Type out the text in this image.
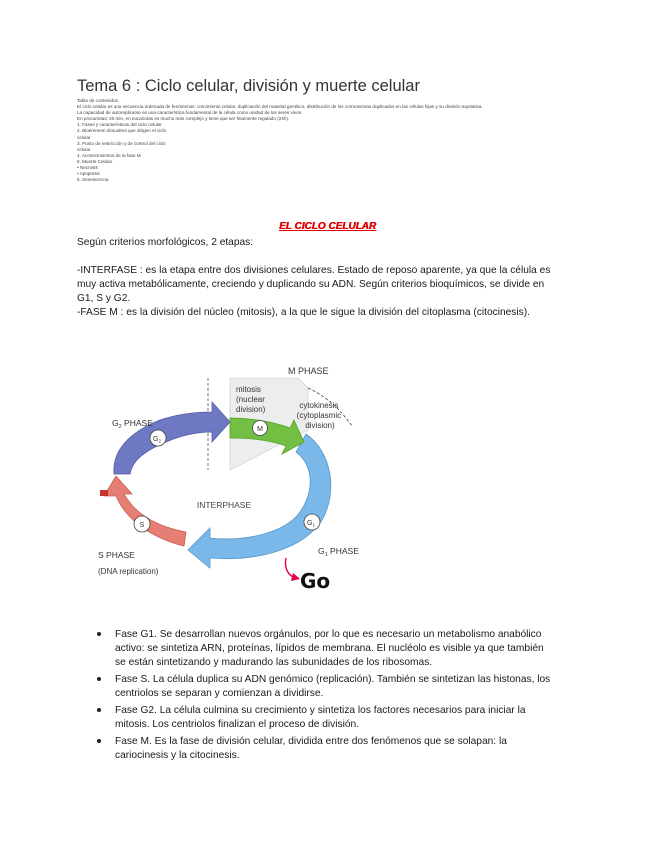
Tema 6 : Ciclo celular, división y muerte celular
Tabla de contenidos
El ciclo celular es una secuencia ordenada de fenómenos: crecimiento celular, duplicación del material genético, distribución de los cormosomas duplicados en las células hijas y su división equitativa.
La capacidad de autoreplicarse es una característica fundamental de la célula como unidad de los seres vivos.
En procariotas: 20 min, en eucariotas es mucho más complejo y tiene que ser finamente regulado (24h).
1. Fases y características del ciclo celular
2. Bioeremem dirsualres que dirigen el ciclo
celular
3. Punto de restricción y de control del ciclo
celular
4. Aconecimientos de la fase M
5. Muerte Celular
• Necrosis
• Apoptosis
6. Senescencia
EL CICLO CELULAR
Según criterios morfológicos, 2 etapas:
-INTERFASE : es la etapa entre dos divisiones celulares. Estado de reposo aparente, ya que la célula es
muy activa metabólicamente, creciendo y duplicando su ADN. Según criterios bioquímicos, se divide en
G1, S y G2.
-FASE M : es la división del núcleo (mitosis), a la que le sigue la división del citoplasma (citocinesis).
M PHASE
mitosis (nuclear division)	cytokinesis (cytoplasmic division)
$G_2$ PHASE
$G_2$
M
S	$G_1$
INTERPHASE
$G_1$ PHASE
S PHASE
(DNA replication)	Go
Fase G1. Se desarrollan nuevos orgánulos, por lo que es necesario un metabolismo anabólico
activo: se sintetiza ARN, proteínas, lípidos de membrana. El nucléolo es visible ya que también
se están sintetizando y madurando las subunidades de los ribosomas.
Fase S. La célula duplica su ADN genómico (replicación). También se sintetizan las histonas, los
centriolos se separan y comienzan a dividirse.
Fase G2. La célula culmina su crecimiento y sintetiza los factores necesarios para iniciar la
mitosis. Los centriolos finalizan el proceso de división.
Fase M. Es la fase de división celular, dividida entre dos fenómenos que se solapan: la
cariocinesis y la citocinesis.
